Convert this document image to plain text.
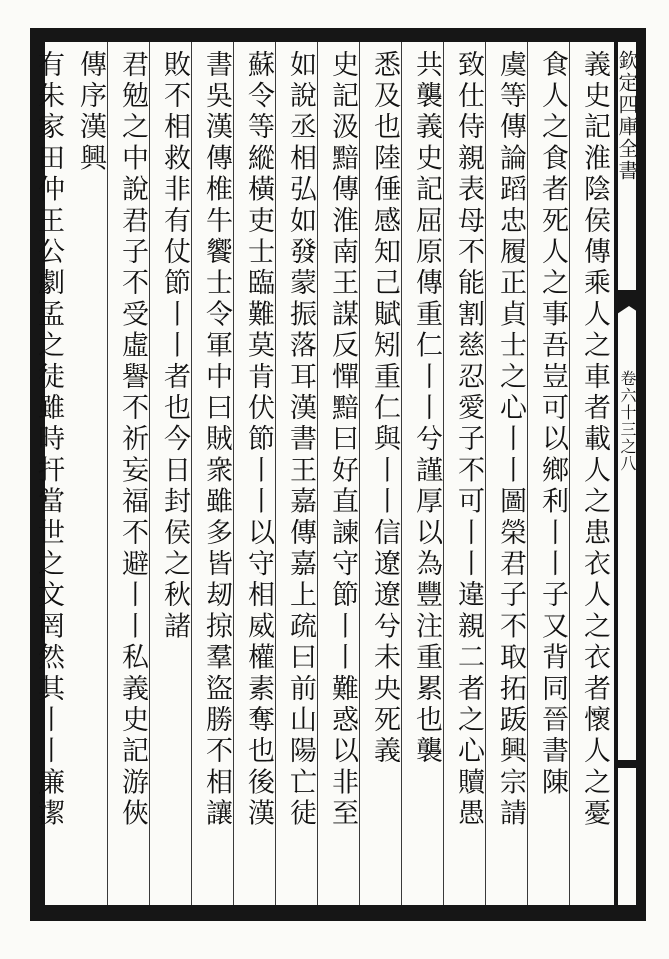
欽定四庫全書
卷六十三之八
義史記淮陰侯傳乘人之車者載人之患衣人之衣者懷人之憂
食人之食者死人之事吾豈可以鄉利丨丨子又背同晉書陳
虞等傳論蹈忠履正貞士之心丨丨圖榮君子不取拓䟦興宗請
致仕侍親表母不能割慈忍愛子不可丨丨違親二者之心贖愚
共襲義史記屈原傳重仁丨丨兮謹厚以為豐注重累也襲
悉及也陸倕感知己賦矧重仁與丨丨信遼遼兮未央死義
史記汲黯傳淮南王謀反憚黯曰好直諫守節丨丨難惑以非至
如說丞相弘如發蒙振落耳漢書王嘉傳嘉上疏曰前山陽亡徒
蘇令等縱橫吏士臨難莫肯伏節丨丨以守相威權素奪也後漢
書吳漢傳椎牛饗士令軍中曰賊衆雖多皆刼掠羣盜勝不相讓
敗不相救非有仗節丨丨者也今日封侯之秋諸
君勉之中說君子不受虛譽不祈妄福不避丨丨私義史記游俠
傳序漢興
有朱家田仲王公劇孟之徒雖時扞當世之文罔然其丨丨廉潔
